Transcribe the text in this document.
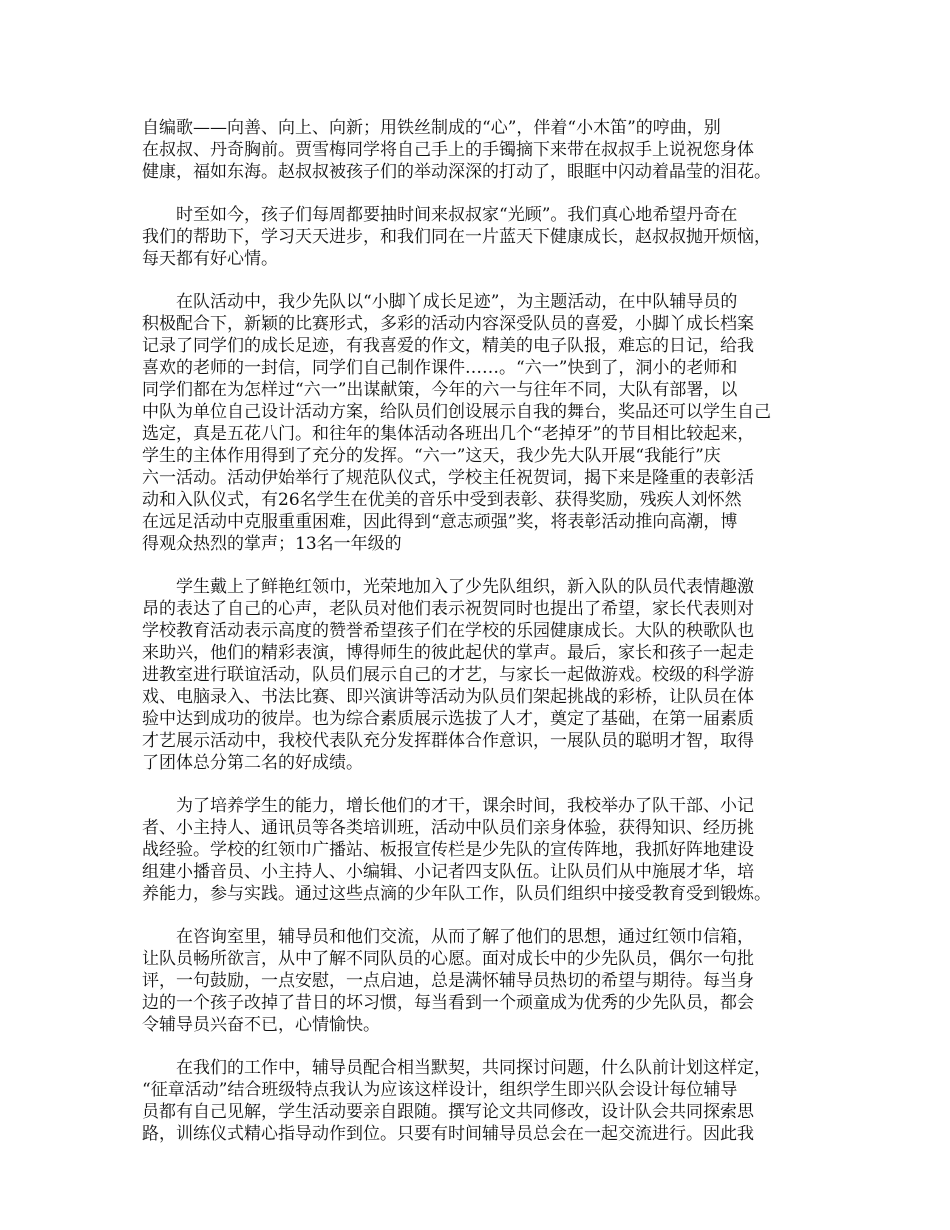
自编歌——向善、向上、向新；用铁丝制成的“心”，伴着“小木笛”的哼曲，别
在叔叔、丹奇胸前。贾雪梅同学将自己手上的手镯摘下来带在叔叔手上说祝您身体
健康，福如东海。赵叔叔被孩子们的举动深深的打动了，眼眶中闪动着晶莹的泪花。
　　时至如今，孩子们每周都要抽时间来叔叔家“光顾”。我们真心地希望丹奇在
我们的帮助下，学习天天进步，和我们同在一片蓝天下健康成长，赵叔叔抛开烦恼，
每天都有好心情。
　　在队活动中，我少先队以“小脚丫成长足迹”，为主题活动，在中队辅导员的
积极配合下，新颖的比赛形式，多彩的活动内容深受队员的喜爱，小脚丫成长档案
记录了同学们的成长足迹，有我喜爱的作文，精美的电子队报，难忘的日记，给我
喜欢的老师的一封信，同学们自己制作课件……。“六一”快到了，洞小的老师和
同学们都在为怎样过“六一”出谋献策，今年的六一与往年不同，大队有部署，以
中队为单位自己设计活动方案，给队员们创设展示自我的舞台，奖品还可以学生自己
选定，真是五花八门。和往年的集体活动各班出几个“老掉牙”的节目相比较起来，
学生的主体作用得到了充分的发挥。“六一”这天，我少先大队开展“我能行”庆
六一活动。活动伊始举行了规范队仪式，学校主任祝贺词，揭下来是隆重的表彰活
动和入队仪式，有26名学生在优美的音乐中受到表彰、获得奖励，残疾人刘怀然
在远足活动中克服重重困难，因此得到“意志顽强”奖，将表彰活动推向高潮，博
得观众热烈的掌声；13名一年级的
　　学生戴上了鲜艳红领巾，光荣地加入了少先队组织，新入队的队员代表情趣激
昂的表达了自己的心声，老队员对他们表示祝贺同时也提出了希望，家长代表则对
学校教育活动表示高度的赞誉希望孩子们在学校的乐园健康成长。大队的秧歌队也
来助兴，他们的精彩表演，博得师生的彼此起伏的掌声。最后，家长和孩子一起走
进教室进行联谊活动，队员们展示自己的才艺，与家长一起做游戏。校级的科学游
戏、电脑录入、书法比赛、即兴演讲等活动为队员们架起挑战的彩桥，让队员在体
验中达到成功的彼岸。也为综合素质展示选拔了人才，奠定了基础，在第一届素质
才艺展示活动中，我校代表队充分发挥群体合作意识，一展队员的聪明才智，取得
了团体总分第二名的好成绩。
　　为了培养学生的能力，增长他们的才干，课余时间，我校举办了队干部、小记
者、小主持人、通讯员等各类培训班，活动中队员们亲身体验，获得知识、经历挑
战经验。学校的红领巾广播站、板报宣传栏是少先队的宣传阵地，我抓好阵地建设
组建小播音员、小主持人、小编辑、小记者四支队伍。让队员们从中施展才华，培
养能力，参与实践。通过这些点滴的少年队工作，队员们组织中接受教育受到锻炼。
　　在咨询室里，辅导员和他们交流，从而了解了他们的思想，通过红领巾信箱，
让队员畅所欲言，从中了解不同队员的心愿。面对成长中的少先队员，偶尔一句批
评，一句鼓励，一点安慰，一点启迪，总是满怀辅导员热切的希望与期待。每当身
边的一个孩子改掉了昔日的坏习惯，每当看到一个顽童成为优秀的少先队员，都会
令辅导员兴奋不已，心情愉快。
　　在我们的工作中，辅导员配合相当默契，共同探讨问题，什么队前计划这样定，
“征章活动”结合班级特点我认为应该这样设计，组织学生即兴队会设计每位辅导
员都有自己见解，学生活动要亲自跟随。撰写论文共同修改，设计队会共同探索思
路，训练仪式精心指导动作到位。只要有时间辅导员总会在一起交流进行。因此我
